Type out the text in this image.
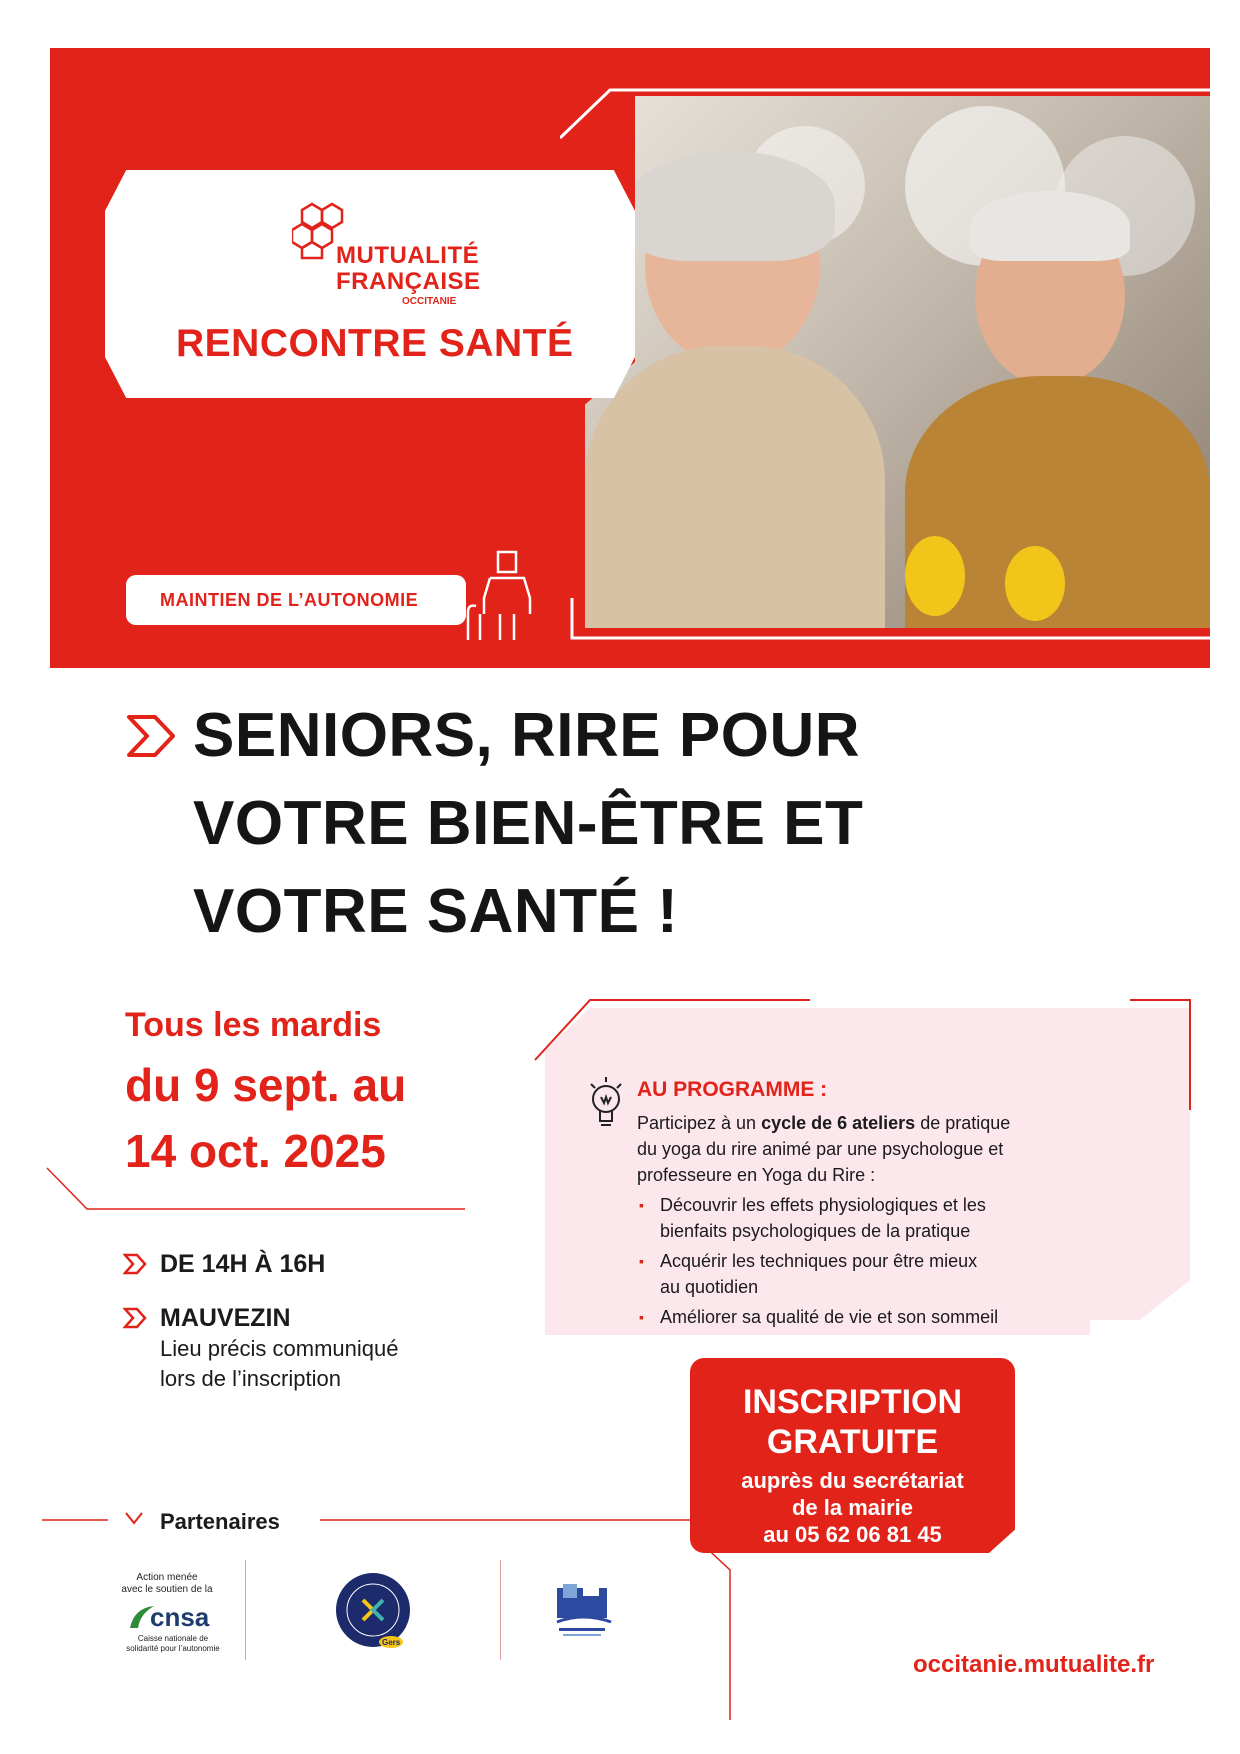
MUTUALITÉ
FRANÇAISE
OCCITANIE
RENCONTRE SANTÉ
MAINTIEN DE L’AUTONOMIE
SENIORS, RIRE POUR
VOTRE BIEN-ÊTRE ET
VOTRE SANTÉ !
Tous les mardis
du 9 sept. au
14 oct. 2025
DE 14H À 16H
MAUVEZIN
Lieu précis communiqué
lors de l’inscription
AU PROGRAMME :
Participez à un cycle de 6 ateliers de pratique
du yoga du rire animé par une psychologue et
professeure en Yoga du Rire :
▪ Découvrir les effets physiologiques et les
bienfaits psychologiques de la pratique
▪ Acquérir les techniques pour être mieux
au quotidien
▪ Améliorer sa qualité de vie et son sommeil
INSCRIPTION
GRATUITE
auprès du secrétariat
de la mairie
au 05 62 06 81 45
Partenaires
Action menée
avec le soutien de la
cnsa
Caisse nationale de
solidarité pour l’autonomie
Gers
occitanie.mutualite.fr
